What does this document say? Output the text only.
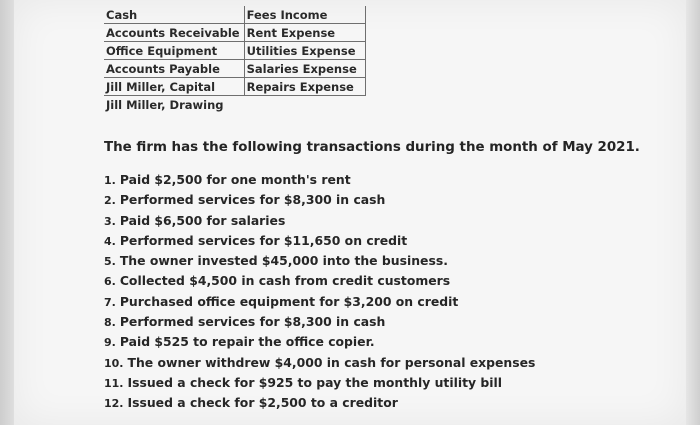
Cash	Fees Income
Accounts Receivable	Rent Expense
Office Equipment	Utilities Expense
Accounts Payable	Salaries Expense
Jill Miller, Capital	Repairs Expense
Jill Miller, Drawing	
The firm has the following transactions during the month of May 2021.
1. Paid $2,500 for one month's rent
2. Performed services for $8,300 in cash
3. Paid $6,500 for salaries
4. Performed services for $11,650 on credit
5. The owner invested $45,000 into the business.
6. Collected $4,500 in cash from credit customers
7. Purchased office equipment for $3,200 on credit
8. Performed services for $8,300 in cash
9. Paid $525 to repair the office copier.
10. The owner withdrew $4,000 in cash for personal expenses
11. Issued a check for $925 to pay the monthly utility bill
12. Issued a check for $2,500 to a creditor
